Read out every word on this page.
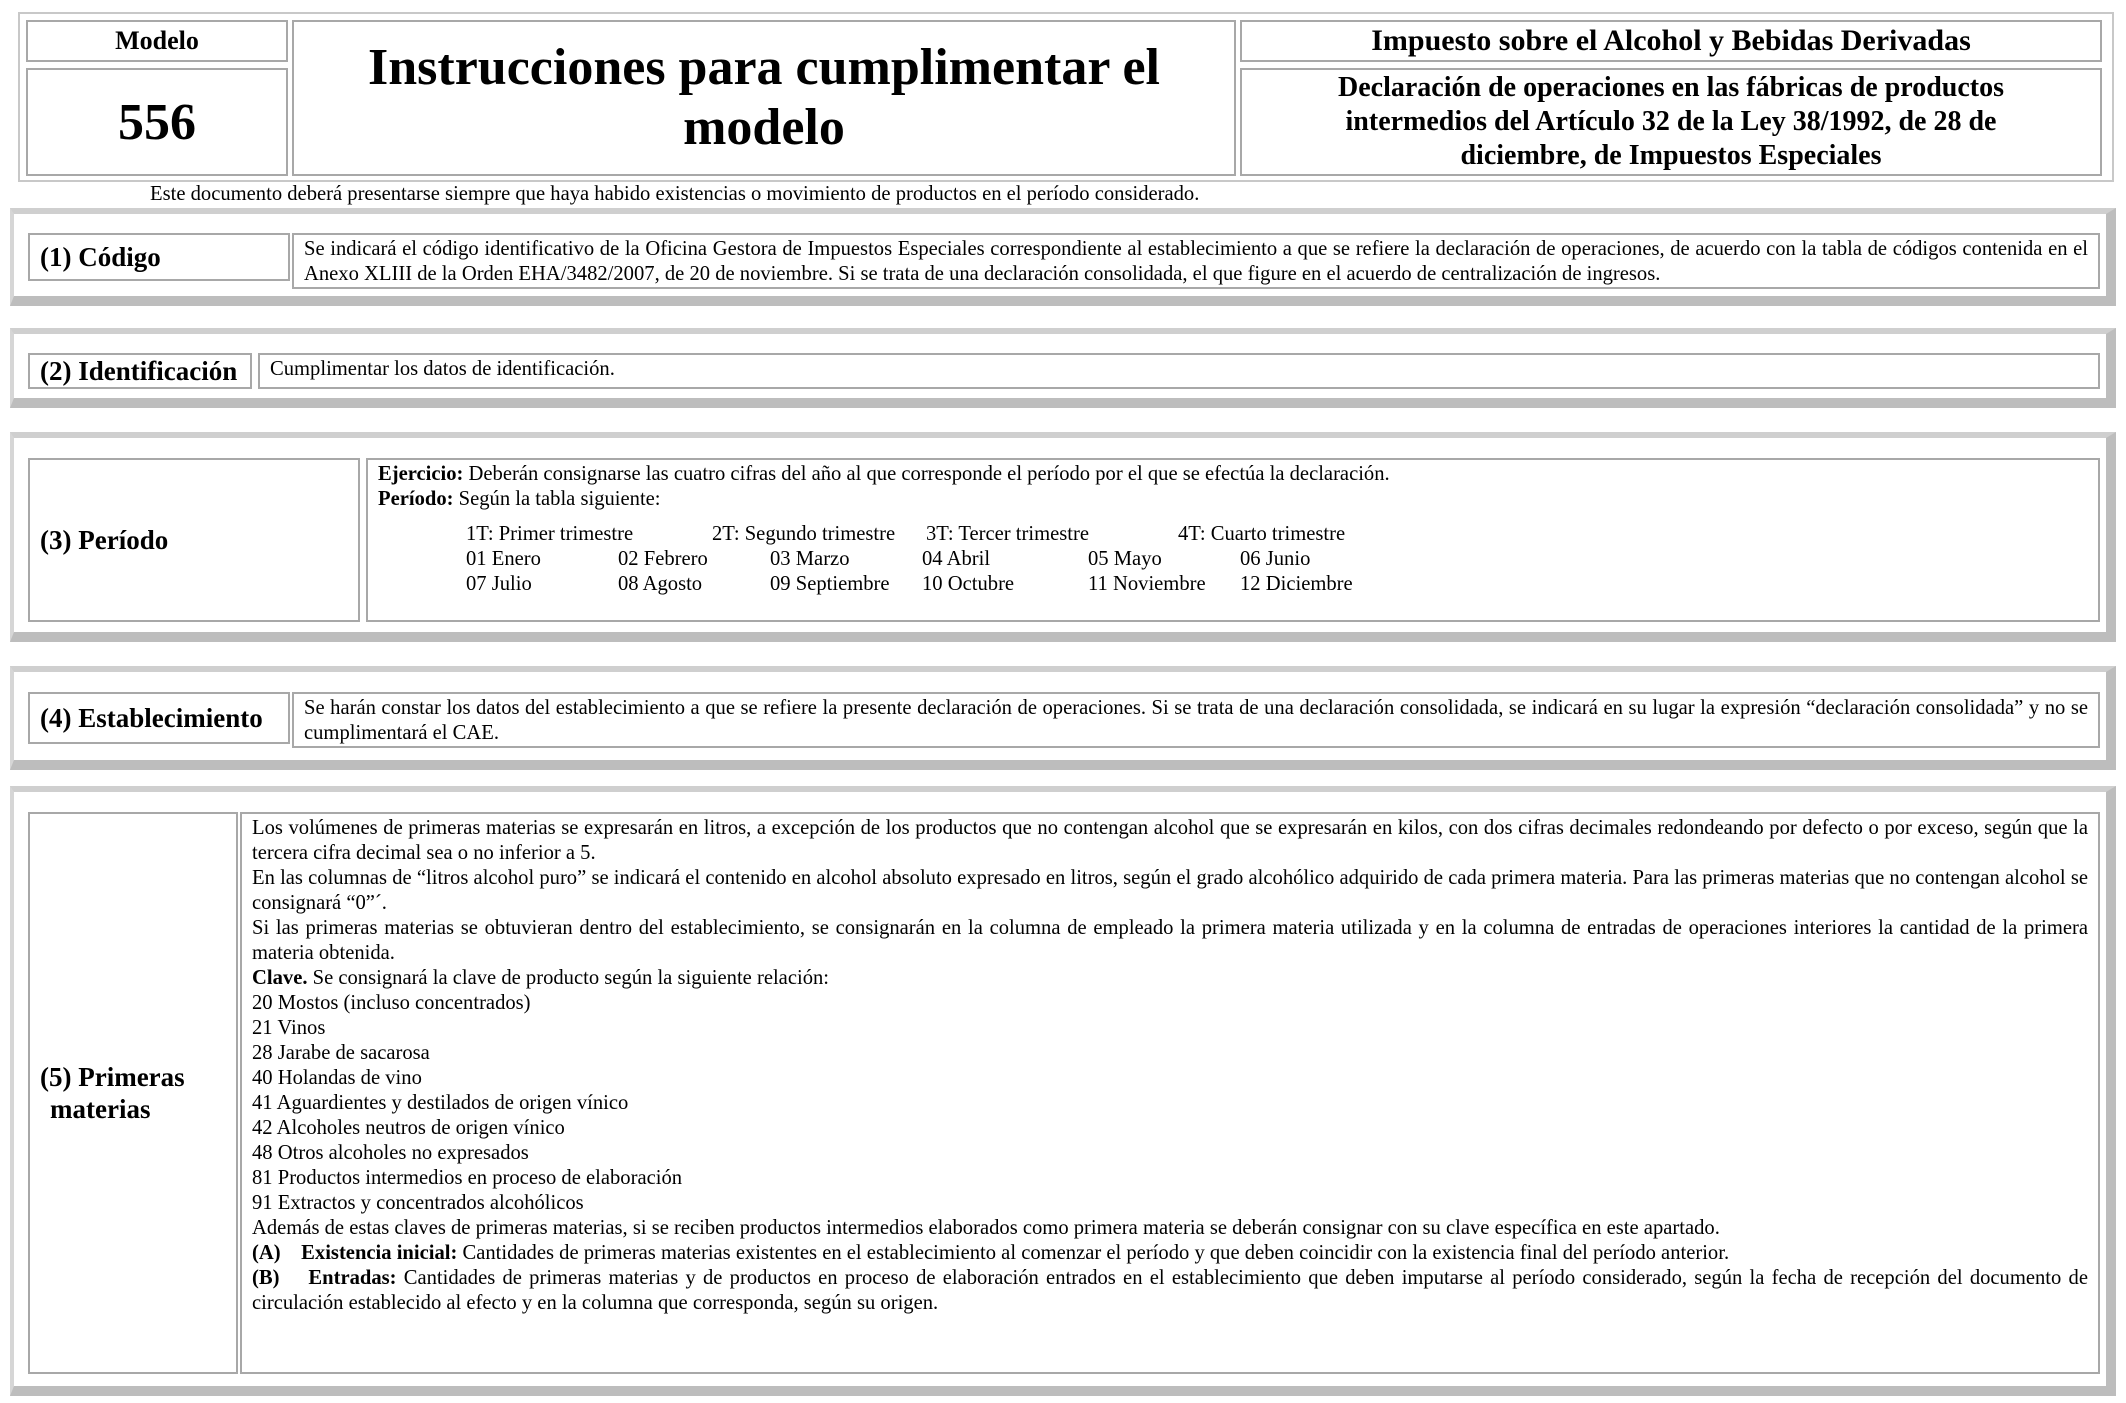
Modelo
556
Instrucciones para cumplimentar el modelo
Impuesto sobre el Alcohol y Bebidas Derivadas
Declaración de operaciones en las fábricas de productos intermedios del Artículo 32 de la Ley 38/1992, de 28 de diciembre, de Impuestos Especiales
Este documento deberá presentarse siempre que haya habido existencias o movimiento de productos en el período considerado.
(1) Código	Se indicará el código identificativo de la Oficina Gestora de Impuestos Especiales correspondiente al establecimiento a que se refiere la declaración de operaciones, de acuerdo con la tabla de códigos contenida en el Anexo XLIII de la Orden EHA/3482/2007, de 20 de noviembre. Si se trata de una declaración consolidada, el que figure en el acuerdo de centralización de ingresos.
(2) Identificación	Cumplimentar los datos de identificación.
(3) Período

Ejercicio: Deberán consignarse las cuatro cifras del año al que corresponde el período por el que se efectúa la declaración.

Período: Según la tabla siguiente:

1T: Primer trimestre	2T: Segundo trimestre	3T: Tercer trimestre	4T: Cuarto trimestre
01 Enero	02 Febrero	03 Marzo	04 Abril	05 Mayo	06 Junio
07 Julio	08 Agosto	09 Septiembre	10 Octubre	11 Noviembre	12 Diciembre
(4) Establecimiento	Se harán constar los datos del establecimiento a que se refiere la presente declaración de operaciones. Si se trata de una declaración consolidada, se indicará en su lugar la expresión “declaración consolidada” y no se cumplimentará el CAE.
(5) Primeras
materias

Los volúmenes de primeras materias se expresarán en litros, a excepción de los productos que no contengan alcohol que se expresarán en kilos, con dos cifras decimales redondeando por defecto o por exceso, según que la tercera cifra decimal sea o no inferior a 5.

En las columnas de “litros alcohol puro” se indicará el contenido en alcohol absoluto expresado en litros, según el grado alcohólico adquirido de cada primera materia. Para las primeras materias que no contengan alcohol se consignará “0”´.

Si las primeras materias se obtuvieran dentro del establecimiento, se consignarán en la columna de empleado la primera materia utilizada y en la columna de entradas de operaciones interiores la cantidad de la primera materia obtenida.

Clave. Se consignará la clave de producto según la siguiente relación:

20 Mostos (incluso concentrados)

21 Vinos

28 Jarabe de sacarosa

40 Holandas de vino

41 Aguardientes y destilados de origen vínico

42 Alcoholes neutros de origen vínico

48 Otros alcoholes no expresados

81 Productos intermedios en proceso de elaboración

91 Extractos y concentrados alcohólicos

Además de estas claves de primeras materias, si se reciben productos intermedios elaborados como primera materia se deberán consignar con su clave específica en este apartado.

(A)    Existencia inicial: Cantidades de primeras materias existentes en el establecimiento al comenzar el período y que deben coincidir con la existencia final del período anterior.

(B)    Entradas: Cantidades de primeras materias y de productos en proceso de elaboración entrados en el establecimiento que deben imputarse al período considerado, según la fecha de recepción del documento de circulación establecido al efecto y en la columna que corresponda, según su origen.
